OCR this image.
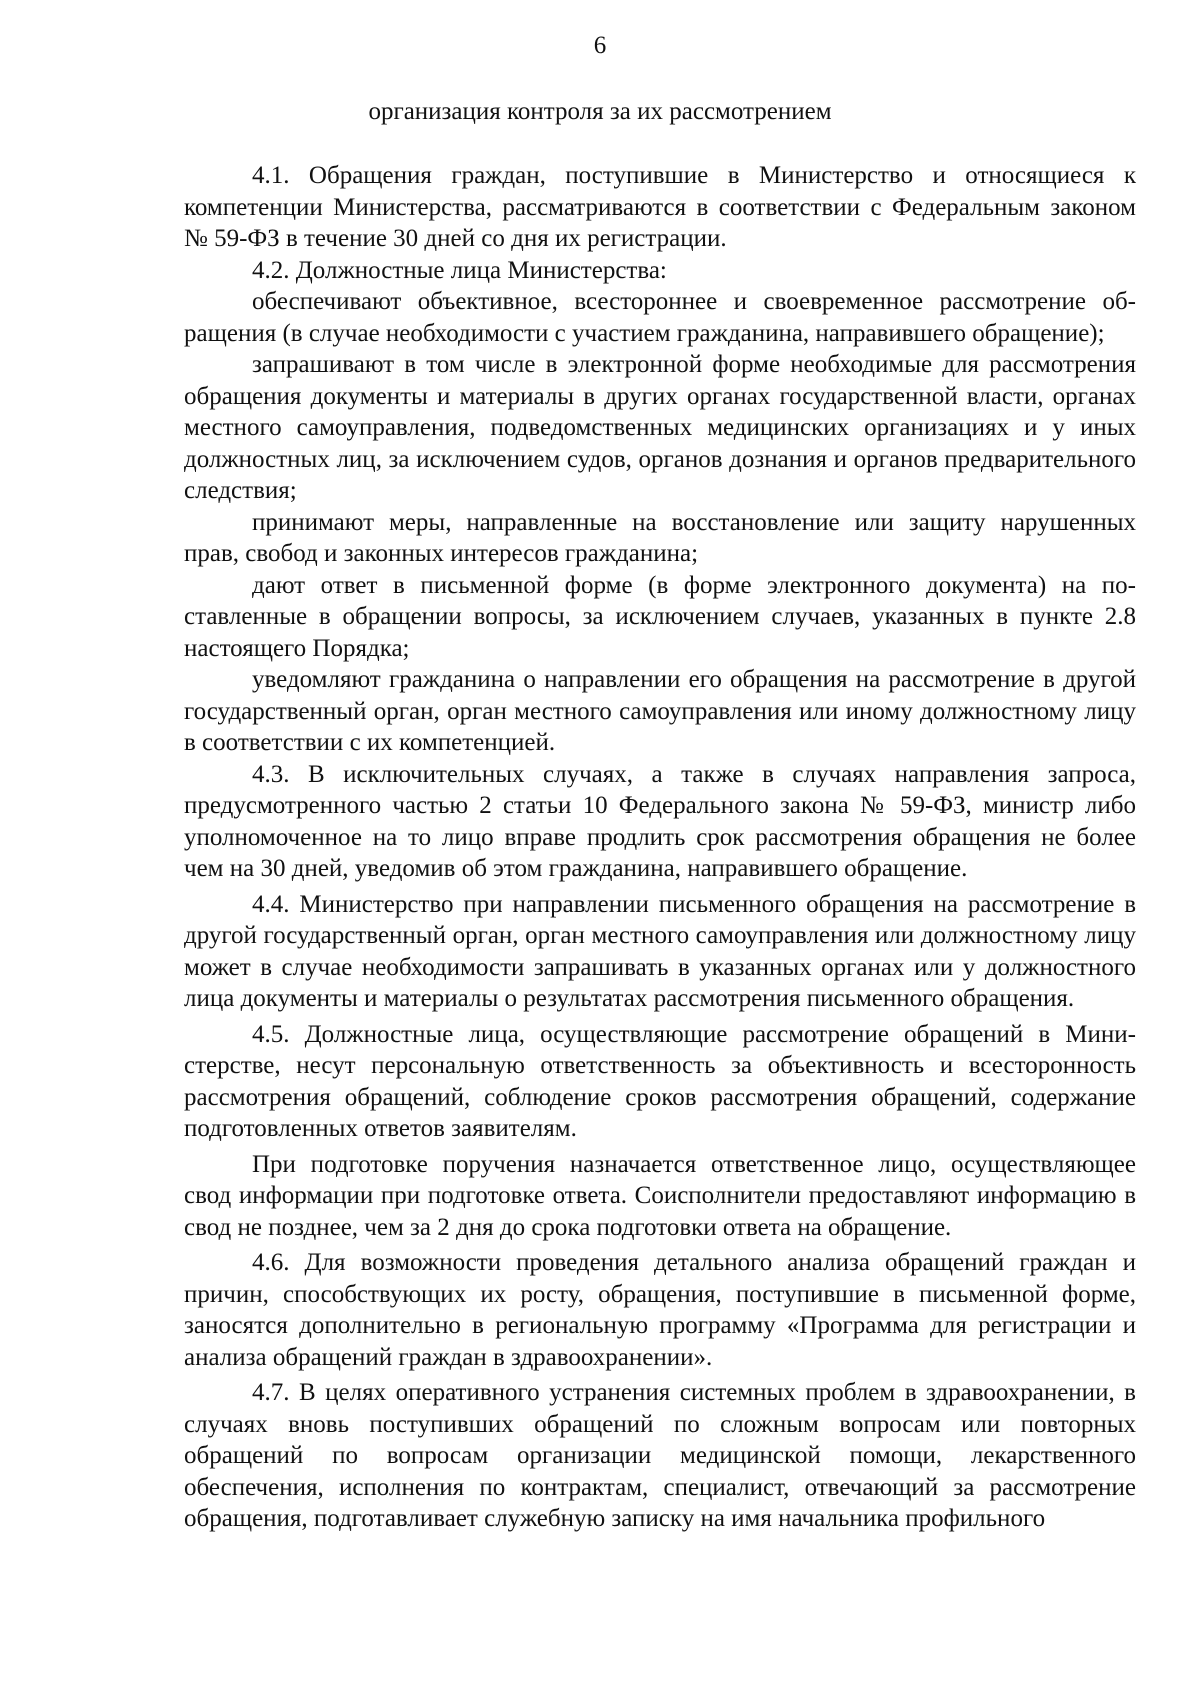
6
организация контроля за их рассмотрением

4.1. Обращения граждан, поступившие в Министерство и относящиеся к компетенции Министерства, рассматриваются в соответствии с Федеральным законом № 59-ФЗ в течение 30 дней со дня их регистрации.

4.2. Должностные лица Министерства:

обеспечивают объективное, всестороннее и своевременное рассмотрение обращения (в случае необходимости с участием гражданина, направившего обращение);

запрашивают в том числе в электронной форме необходимые для рассмотрения обращения документы и материалы в других органах государственной власти, органах местного самоуправления, подведомственных медицинских организациях и у иных должностных лиц, за исключением судов, органов дознания и органов предварительного следствия;

принимают меры, направленные на восстановление или защиту нарушенных прав, свобод и законных интересов гражданина;

дают ответ в письменной форме (в форме электронного документа) на поставленные в обращении вопросы, за исключением случаев, указанных в пункте 2.8 настоящего Порядка;

уведомляют гражданина о направлении его обращения на рассмотрение в другой государственный орган, орган местного самоуправления или иному должностному лицу в соответствии с их компетенцией.

4.3. В исключительных случаях, а также в случаях направления запроса, предусмотренного частью 2 статьи 10 Федерального закона № 59-ФЗ, министр либо уполномоченное на то лицо вправе продлить срок рассмотрения обращения не более чем на 30 дней, уведомив об этом гражданина, направившего обращение.

4.4. Министерство при направлении письменного обращения на рассмотрение в другой государственный орган, орган местного самоуправления или должностному лицу может в случае необходимости запрашивать в указанных органах или у должностного лица документы и материалы о результатах рассмотрения письменного обращения.

4.5. Должностные лица, осуществляющие рассмотрение обращений в Министерстве, несут персональную ответственность за объективность и всесторонность рассмотрения обращений, соблюдение сроков рассмотрения обращений, содержание подготовленных ответов заявителям.

При подготовке поручения назначается ответственное лицо, осуществляющее свод информации при подготовке ответа. Соисполнители предоставляют информацию в свод не позднее, чем за 2 дня до срока подготовки ответа на обращение.

4.6. Для возможности проведения детального анализа обращений граждан и причин, способствующих их росту, обращения, поступившие в письменной форме, заносятся дополнительно в региональную программу «Программа для регистрации и анализа обращений граждан в здравоохранении».

4.7. В целях оперативного устранения системных проблем в здравоохранении, в случаях вновь поступивших обращений по сложным вопросам или повторных обращений по вопросам организации медицинской помощи, лекарственного обеспечения, исполнения по контрактам, специалист, отвечающий за рассмотрение обращения, подготавливает служебную записку на имя начальника профильного
